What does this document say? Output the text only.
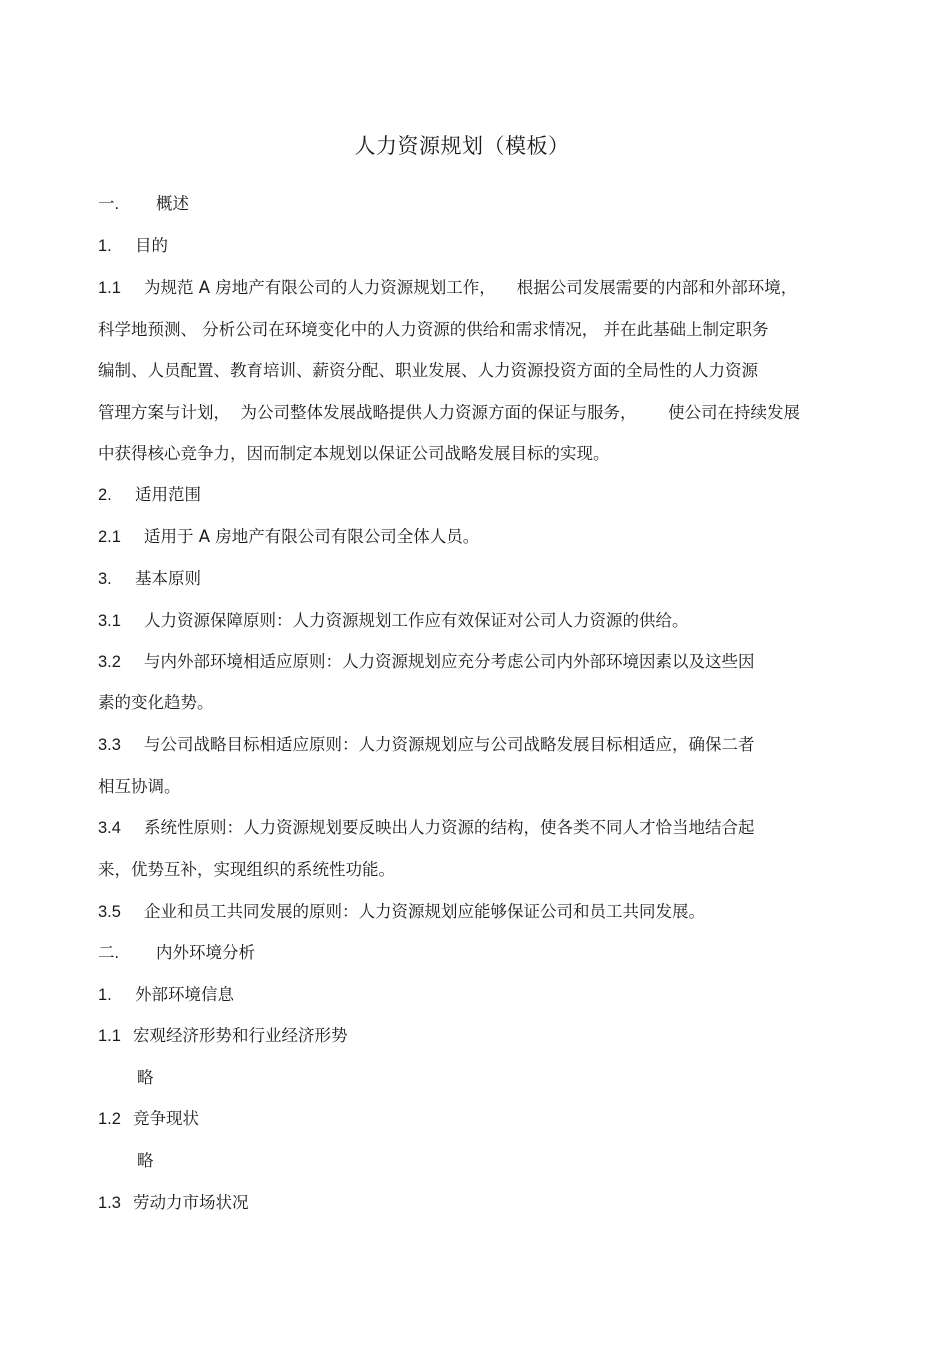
人力资源规划（模板）
一. 概述
1. 目的
1.1 为规范 A 房地产有限公司的人力资源规划工作，    根据公司发展需要的内部和外部环境，
科学地预测、 分析公司在环境变化中的人力资源的供给和需求情况， 并在此基础上制定职务
编制、人员配置、教育培训、薪资分配、职业发展、人力资源投资方面的全局性的人力资源
管理方案与计划，  为公司整体发展战略提供人力资源方面的保证与服务，      使公司在持续发展
中获得核心竞争力，因而制定本规划以保证公司战略发展目标的实现。
2. 适用范围
2.1 适用于 A 房地产有限公司有限公司全体人员。
3. 基本原则
3.1 人力资源保障原则：人力资源规划工作应有效保证对公司人力资源的供给。
3.2 与内外部环境相适应原则：人力资源规划应充分考虑公司内外部环境因素以及这些因
素的变化趋势。
3.3 与公司战略目标相适应原则：人力资源规划应与公司战略发展目标相适应，确保二者
相互协调。
3.4 系统性原则：人力资源规划要反映出人力资源的结构，使各类不同人才恰当地结合起
来，优势互补，实现组织的系统性功能。
3.5 企业和员工共同发展的原则：人力资源规划应能够保证公司和员工共同发展。
二. 内外环境分析
1. 外部环境信息
1.1 宏观经济形势和行业经济形势
略
1.2 竞争现状
略
1.3 劳动力市场状况
